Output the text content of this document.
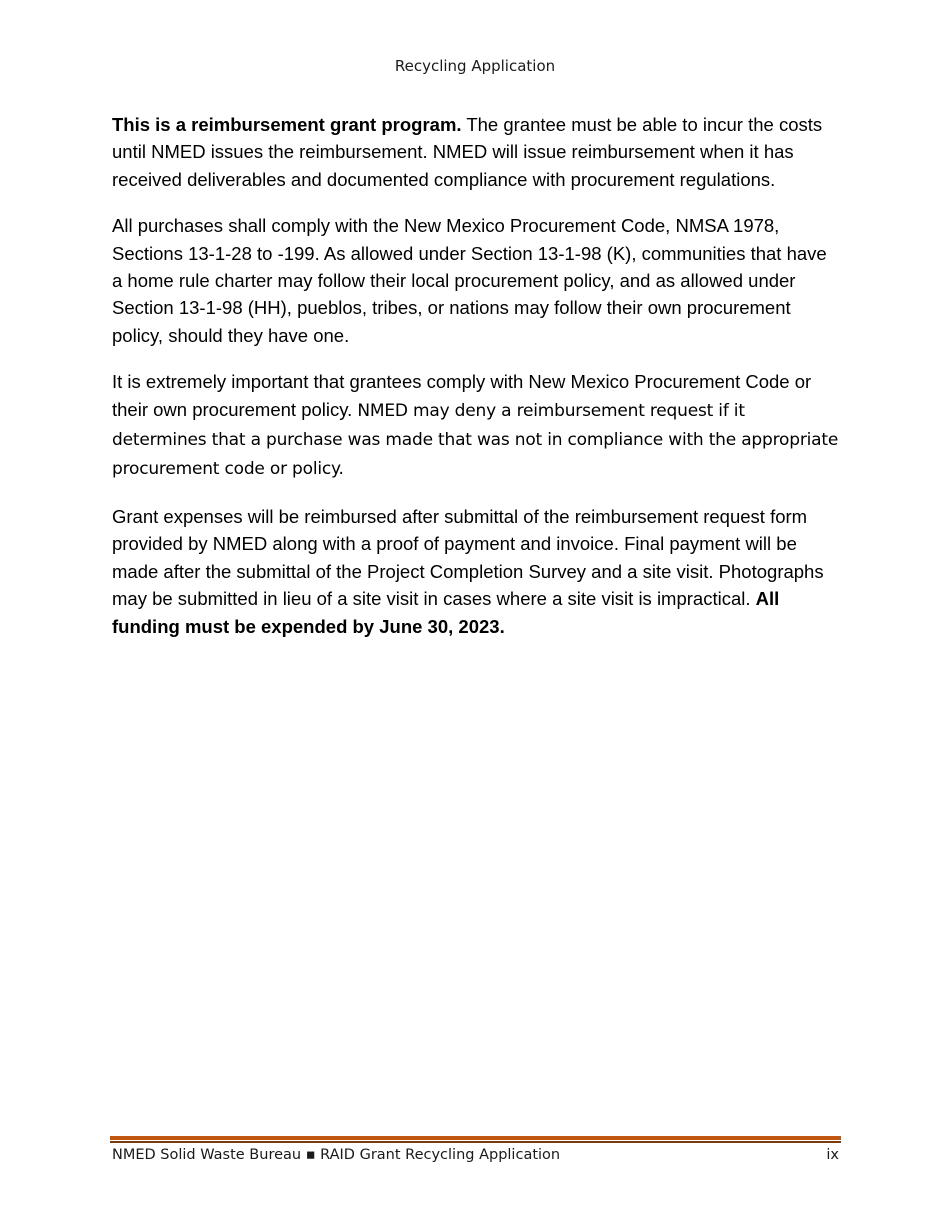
Recycling Application

This is a reimbursement grant program. The grantee must be able to incur the costs until NMED issues the reimbursement. NMED will issue reimbursement when it has received deliverables and documented compliance with procurement regulations.

All purchases shall comply with the New Mexico Procurement Code, NMSA 1978, Sections 13-1-28 to -199. As allowed under Section 13-1-98 (K), communities that have a home rule charter may follow their local procurement policy, and as allowed under Section 13-1-98 (HH), pueblos, tribes, or nations may follow their own procurement policy, should they have one.

It is extremely important that grantees comply with New Mexico Procurement Code or their own procurement policy. NMED may deny a reimbursement request if it determines that a purchase was made that was not in compliance with the appropriate procurement code or policy.

Grant expenses will be reimbursed after submittal of the reimbursement request form provided by NMED along with a proof of payment and invoice. Final payment will be made after the submittal of the Project Completion Survey and a site visit. Photographs may be submitted in lieu of a site visit in cases where a site visit is impractical. All funding must be expended by June 30, 2023.

NMED Solid Waste Bureau ▪ RAID Grant Recycling Application	ix
